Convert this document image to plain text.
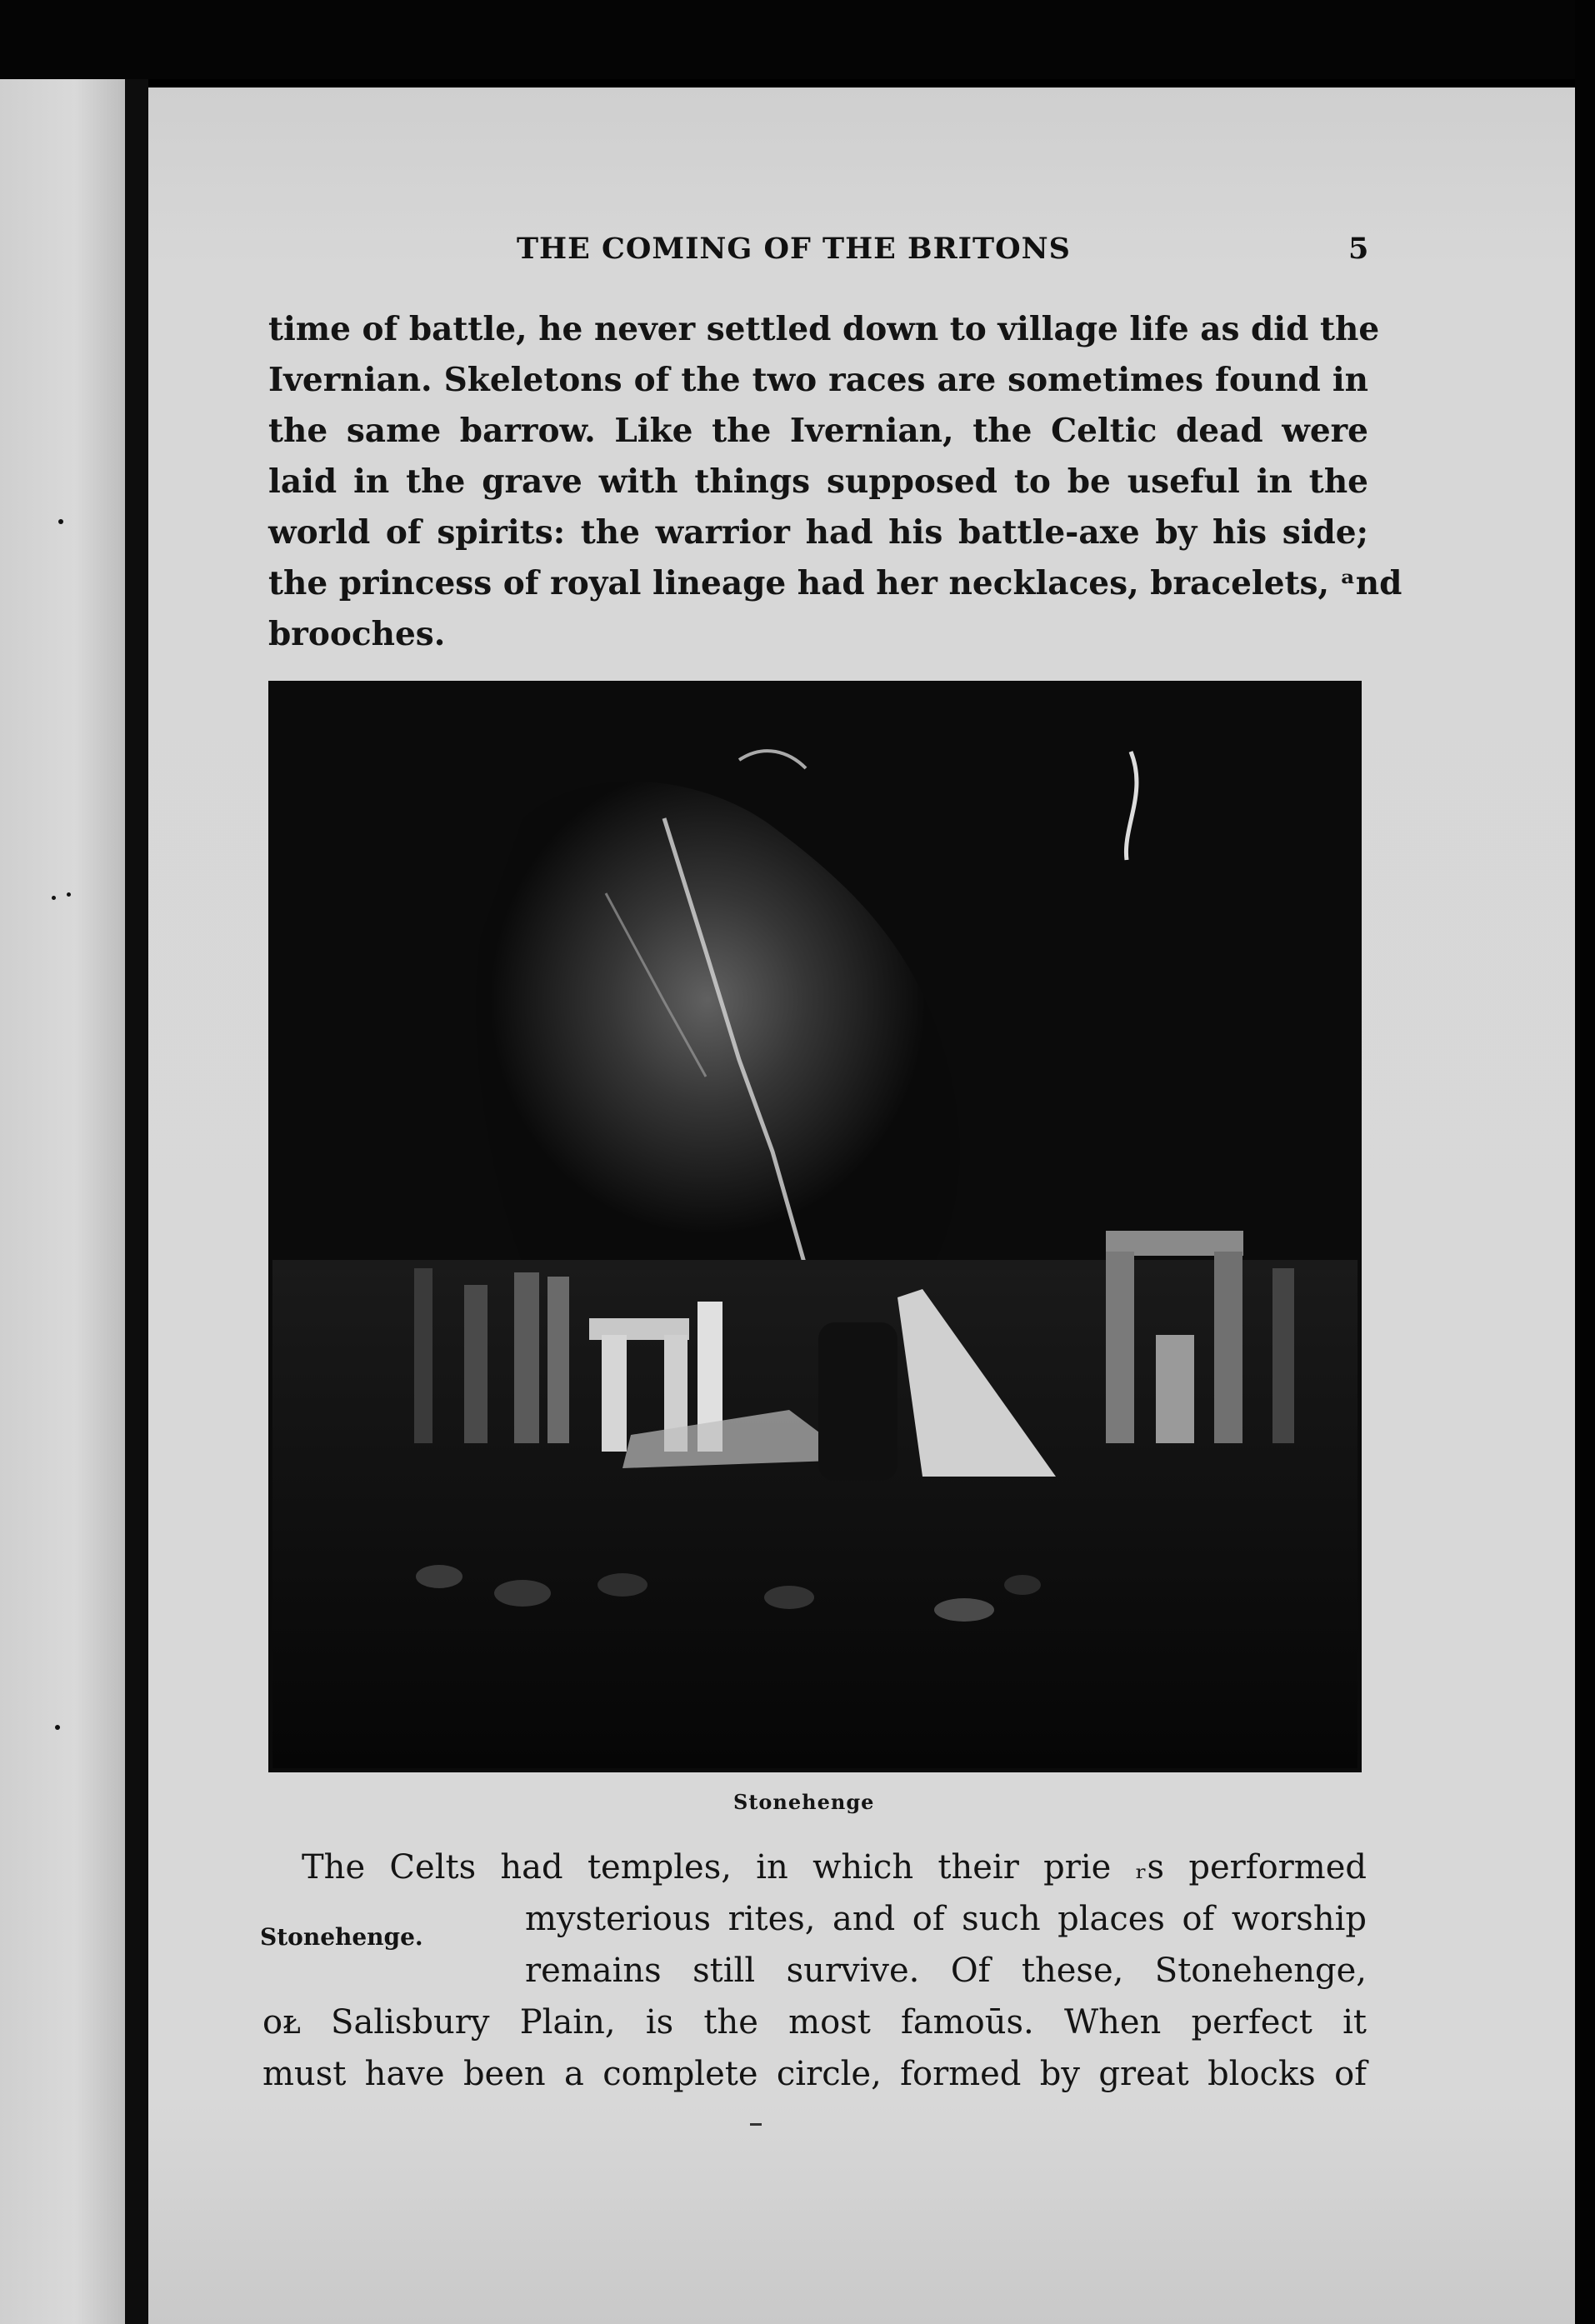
THE COMING OF THE BRITONS	5
time of battle, he never settled down to village life as did the
Ivernian. Skeletons of the two races are sometimes found in
the same barrow. Like the Ivernian, the Celtic dead were
laid in the grave with things supposed to be useful in the
world of spirits: the warrior had his battle-axe by his side;
the princess of royal lineage had her necklaces, bracelets, ᵃnd
brooches.
Stonehenge
Stonehenge.
The Celts had temples, in which their prie ᵣs performed
mysterious rites, and of such places of worship
remains still survive. Of these, Stonehenge,
oᴌ Salisbury Plain, is the most famoūs. When perfect it
must have been a complete circle, formed by great blocks of
